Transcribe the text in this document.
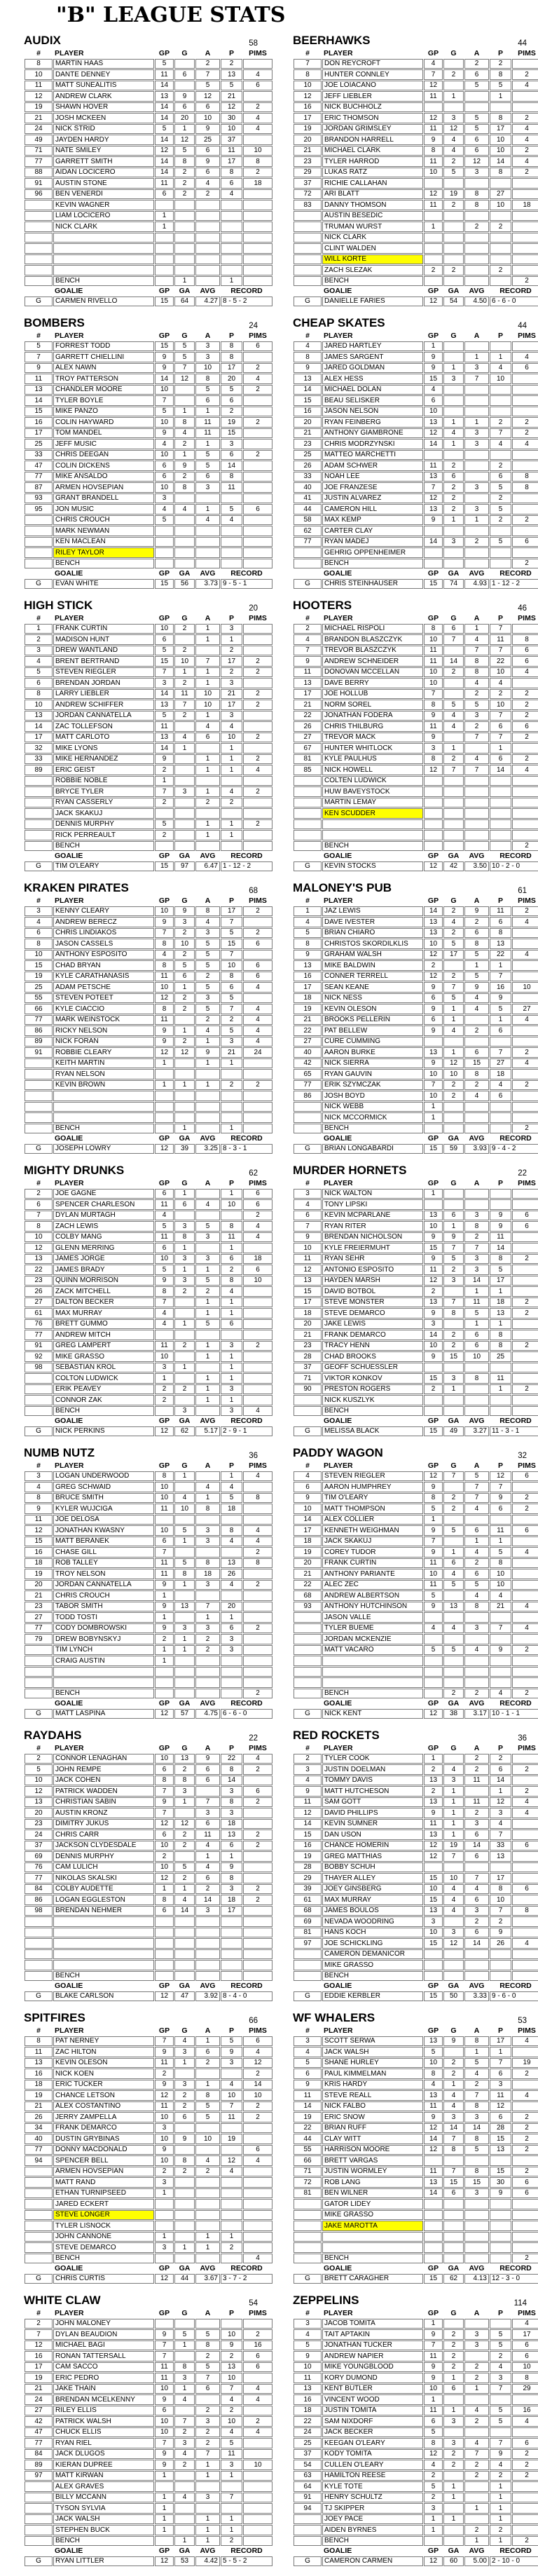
"B" LEAGUE STATS
AUDIX	58
#	PLAYER	GP	G	A	P	PIMS
8	MARTIN HAAS	5		2	2	
10	DANTE DENNEY	11	6	7	13	4
11	MATT SUNEALITIS	14		5	5	6
12	ANDREW CLARK	13	9	12	21	
19	SHAWN HOVER	14	6	6	12	2
21	JOSH MCKEEN	14	20	10	30	4
24	NICK STRID	5	1	9	10	4
49	JAYDEN HARDY	14	12	25	37	
71	NATE SMILEY	12	5	6	11	10
77	GARRETT SMITH	14	8	9	17	8
88	AIDAN LOCICERO	14	2	6	8	2
91	AUSTIN STONE	11	2	4	6	18
96	BEN VENERDI	6	2	2	4	
	KEVIN WAGNER					
	LIAM LOCICERO	1				
	NICK CLARK	1				

	BENCH		1		1	
	GOALIE	GP	GA	AVG	RECORD	
G	CARMEN RIVELLO	15	64	4.27	8 - 5 - 2	
BOMBERS	24
#	PLAYER	GP	G	A	P	PIMS
5	FORREST TODD	15	5	3	8	6
7	GARRETT CHIELLINI	9	5	3	8	
9	ALEX NAWN	9	7	10	17	2
11	TROY PATTERSON	14	12	8	20	4
13	CHANDLER MOORE	10		5	5	2
14	TYLER BOYLE	7		6	6	
15	MIKE PANZO	5	1	1	2	
16	COLIN HAYWARD	10	8	11	19	2
17	TOM MANDEL	9	4	11	15	
25	JEFF MUSIC	4	2	1	3	
33	CHRIS DEEGAN	10	1	5	6	2
47	COLIN DICKENS	6	9	5	14	
77	MIKE ANSALDO	6	2	6	8	
87	ARMEN HOVSEPIAN	10	8	3	11	
93	GRANT BRANDELL	3				
95	JON MUSIC	4	4	1	5	6
	CHRIS CROUCH	5		4	4	
	MARK NEWMAN					
	KEN MACLEAN					
	RILEY TAYLOR					
	BENCH					
	GOALIE	GP	GA	AVG	RECORD	
G	EVAN WHITE	15	56	3.73	9 - 5 - 1	
HIGH STICK	20
#	PLAYER	GP	G	A	P	PIMS
1	FRANK CURTIN	10	2	1	3	
2	MADISON HUNT	6		1	1	
3	DREW WANTLAND	5	2		2	
4	BRENT BERTRAND	15	10	7	17	2
5	STEVEN RIEGLER	7	1	1	2	2
6	BRENDAN JORDAN	3	2	1	3	
8	LARRY LIEBLER	14	11	10	21	2
10	ANDREW SCHIFFER	13	7	10	17	2
13	JORDAN CANNATELLA	5	2	1	3	
14	ZAC TOLLEFSON	11		4	4	
17	MATT CARLOTO	13	4	6	10	2
32	MIKE LYONS	14	1		1	
33	MIKE HERNANDEZ	9		1	1	2
89	ERIC GEIST	2		1	1	4
	ROBBIE NOBLE	1				
	BRYCE TYLER	7	3	1	4	2
	RYAN CASSERLY	2		2	2	
	JACK SKAKUJ					
	DENNIS MURPHY	5		1	1	2
	RICK PERREAULT	2		1	1	
	BENCH					
	GOALIE	GP	GA	AVG	RECORD	
G	TIM O'LEARY	15	97	6.47	1 - 12 - 2	
KRAKEN PIRATES	68
#	PLAYER	GP	G	A	P	PIMS
3	KENNY CLEARY	10	9	8	17	2
4	ANDREW BERECZ	9	3	4	7	
6	CHRIS LINDIAKOS	7	2	3	5	2
8	JASON CASSELS	8	10	5	15	6
10	ANTHONY ESPOSITO	4	2	5	7	
15	CHAD BRYAN	8	5	5	10	6
19	KYLE CARATHANASIS	11	6	2	8	6
25	ADAM PETSCHE	10	1	5	6	4
55	STEVEN POTEET	12	2	3	5	
66	KYLE CIACCIO	8	2	5	7	4
77	MARK WEINSTOCK	11		2	2	4
86	RICKY NELSON	9	1	4	5	4
89	NICK FORAN	9	2	1	3	4
91	ROBBIE CLEARY	12	12	9	21	24
	KEITH MARTIN	1		1	1	
	RYAN NELSON					
	KEVIN BROWN	1	1	1	2	2

	BENCH		1		1	
	GOALIE	GP	GA	AVG	RECORD	
G	JOSEPH LOWRY	12	39	3.25	8 - 3 - 1	
MIGHTY DRUNKS	62
#	PLAYER	GP	G	A	P	PIMS
2	JOE GAGNE	6	1		1	6
6	SPENCER CHARLESON	11	6	4	10	6
7	DYLAN MURTAGH	4				2
8	ZACH LEWIS	5	3	5	8	4
10	COLBY MANG	11	8	3	11	4
12	GLENN MERRING	6	1		1	
13	JAMES JORGE	10	3	3	6	18
22	JAMES BRADY	5	1	1	2	6
23	QUINN MORRISON	9	3	5	8	10
26	ZACK MITCHELL	8	2	2	4	
27	DALTON BECKER	7		1	1	
61	MAX MURRAY	4		1	1	
76	BRETT GUMMO	4	1	5	6	
77	ANDREW MITCH					
91	GREG LAMPERT	11	2	1	3	2
92	MIKE GRASSO	10		1	1	
98	SEBASTIAN KROL	3	1		1	
	COLTON LUDWICK	1		1	1	
	ERIK PEAVEY	2	2	1	3	
	CONNOR ZAK	2		1	1	
	BENCH		3		3	4
	GOALIE	GP	GA	AVG	RECORD	
G	NICK PERKINS	12	62	5.17	2 - 9 - 1	
NUMB NUTZ	36
#	PLAYER	GP	G	A	P	PIMS
3	LOGAN UNDERWOOD	8	1		1	4
4	GREG SCHWAID	10		4	4	
8	BRUCE SMITH	10	4	1	5	8
9	KYLER WUJCIGA	11	10	8	18	
11	JOE DELOSA					
12	JONATHAN KWASNY	10	5	3	8	4
15	MATT BERANEK	6	1	3	4	4
16	CHASE GILL	7				2
18	ROB TALLEY	11	5	8	13	8
19	TROY NELSON	11	8	18	26	
20	JORDAN CANNATELLA	9	1	3	4	2
21	CHRIS CROUCH	1				
23	TABOR SMITH	9	13	7	20	
27	TODD TOSTI	1		1	1	
77	CODY DOMBROWSKI	9	3	3	6	2
79	DREW BOBYNSKYJ	2	1	2	3	
	TIM LYNCH	1	1	2	3	
	CRAIG AUSTIN	1				

	BENCH					2
	GOALIE	GP	GA	AVG	RECORD	
G	MATT LASPINA	12	57	4.75	6 - 6 - 0	
RAYDAHS	22
#	PLAYER	GP	G	A	P	PIMS
2	CONNOR LENAGHAN	10	13	9	22	4
5	JOHN REMPE	6	2	6	8	2
10	JACK COHEN	8	8	6	14	
12	PATRICK WADDEN	7	3		3	6
13	CHRISTIAN SABIN	9	1	7	8	2
20	AUSTIN KRONZ	7		3	3	
23	DIMITRY JUKUS	12	12	6	18	
24	CHRIS CARR	6	2	11	13	2
37	JACKSON CLYDESDALE	10	2	4	6	2
69	DENNIS MURPHY	2		1	1	
76	CAM LULICH	10	5	4	9	
77	NIKOLAS SKALSKI	12	2	6	8	
84	COLBY AUDETTE	1	1	2	3	2
86	LOGAN EGGLESTON	8	4	14	18	2
98	BRENDAN NEHMER	6	14	3	17	

	BENCH					
	GOALIE	GP	GA	AVG	RECORD	
G	BLAKE CARLSON	12	47	3.92	8 - 4 - 0	
SPITFIRES	66
#	PLAYER	GP	G	A	P	PIMS
8	PAT NERNEY	7	4	1	5	6
11	ZAC HILTON	9	3	6	9	4
13	KEVIN OLESON	11	1	2	3	12
16	NICK KOEN	2				2
18	ERIC TUCKER	9	3	1	4	14
19	CHANCE LETSON	12	2	8	10	10
21	ALEX COSTANTINO	11	2	5	7	2
26	JERRY ZAMPELLA	10	6	5	11	2
34	FRANK DEMARCO	3				
40	DUSTIN GRYBINAS	10	9	10	19	
77	DONNY MACDONALD	9				6
94	SPENCER BELL	10	8	4	12	4
	ARMEN HOVSEPIAN	2	2	2	4	
	MATT RAND	3				
	ETHAN TURNIPSEED	1				
	JARED ECKERT					
	STEVE LONGER					
	TYLER LISNOCK					
	JOHN CANNONE	1		1	1	
	STEVE DEMARCO	3	1	1	2	
	BENCH					4
	GOALIE	GP	GA	AVG	RECORD	
G	CHRIS CURTIS	12	44	3.67	3 - 7 - 2	
WHITE CLAW	54
#	PLAYER	GP	G	A	P	PIMS
2	JOHN MALONEY					
7	DYLAN BEAUDION	9	5	5	10	2
12	MICHAEL BAGI	7	1	8	9	16
16	RONAN TATTERSALL	7		2	2	6
17	CAM SACCO	11	8	5	13	6
19	ERIC PEDRO	11	3	7	10	
21	JAKE THAIN	10	1	6	7	4
24	BRENDAN MCELKENNY	9	4		4	4
27	RILEY ELLIS	6		2	2	
42	PATRICK WALSH	10	7	3	10	2
47	CHUCK ELLIS	10	2	2	4	4
77	RYAN RIEL	7	3	2	5	
84	JACK DLUGOS	9	4	7	11	
89	KIERAN DUPREE	9	2	1	3	10
97	MATT KIRWAN	1		1	1	
	ALEX GRAVES					
	BILLY MCCANN	1	4	3	7	
	TYSON SYLVIA	1				
	JACK WALSH	1		1	1	
	STEPHEN BUCK	1		1	1	
	BENCH		1	1	2	
	GOALIE	GP	GA	AVG	RECORD	
G	RYAN LITTLER	12	53	4.42	5 - 5 - 2	
BEERHAWKS	44
#	PLAYER	GP	G	A	P	PIMS
7	DON REYCROFT	4		2	2	
8	HUNTER CONNLEY	7	2	6	8	2
10	JOE LOIACANO	12		5	5	4
12	JEFF LIEBLER	11	1		1	
16	NICK BUCHHOLZ					
17	ERIC THOMSON	12	3	5	8	2
19	JORDAN GRIMSLEY	11	12	5	17	4
20	BRANDON HARRELL	9	4	6	10	4
21	MICHAEL CLARK	8	4	6	10	2
23	TYLER HARROD	11	2	12	14	4
29	LUKAS RATZ	10	5	3	8	2
37	RICHIE CALLAHAN					
72	ARI BLATT	12	19	8	27	
83	DANNY THOMSON	11	2	8	10	18
	AUSTIN BESEDIC					
	TRUMAN WURST	1		2	2	
	NICK CLARK					
	CLINT WALDEN					
	WILL KORTE					
	ZACH SLEZAK	2	2		2	
	BENCH					2
	GOALIE	GP	GA	AVG	RECORD	
G	DANIELLE FARIES	12	54	4.50	6 - 6 - 0	
CHEAP SKATES	44
#	PLAYER	GP	G	A	P	PIMS
4	JARED HARTLEY	1				
8	JAMES SARGENT	9		1	1	4
9	JARED GOLDMAN	9	1	3	4	6
13	ALEX HESS	15	3	7	10	
14	MICHAEL DOLAN	4				
15	BEAU SELISKER	6				
16	JASON NELSON	10				
20	RYAN FEINBERG	13	1	1	2	2
21	ANTHONY GIAMBRONE	12	4	3	7	2
23	CHRIS MODRZYNSKI	14	1	3	4	4
25	MATTEO MARCHETTI					
26	ADAM SCHWER	11	2		2	
33	NOAH LEE	13	6		6	8
40	JOE FRANZESE	7	2	3	5	8
41	JUSTIN ALVAREZ	12	2		2	
44	CAMERON HILL	13	2	3	5	
58	MAX KEMP	9	1	1	2	2
62	CARTER CLAY					
77	RYAN MADEJ	14	3	2	5	6
	GEHRIG OPPENHEIMER					
	BENCH					2
	GOALIE	GP	GA	AVG	RECORD	
G	CHRIS STEINHAUSER	15	74	4.93	1 - 12 - 2	
HOOTERS	46
#	PLAYER	GP	G	A	P	PIMS
2	MICHAEL RISPOLI	8	6	1	7	
4	BRANDON BLASZCZYK	10	7	4	11	8
7	TREVOR BLASZCZYK	11		7	7	6
9	ANDREW SCHNEIDER	11	14	8	22	6
11	DONOVAN MCCELLAN	10	2	8	10	4
13	DAVE BERRY	10		4	4	
17	JOE HOLLUB	7		2	2	2
21	NORM SOREL	8	5	5	10	2
22	JONATHAN FODERA	9	4	3	7	2
26	CHRIS THILBURG	11	4	2	6	6
27	TREVOR MACK	9		7	7	2
67	HUNTER WHITLOCK	3	1		1	
81	KYLE PAULHUS	8	2	4	6	2
85	NICK HOWELL	12	7	7	14	4
	COLTEN LUDWICK					
	HUW BAVEYSTOCK					
	MARTIN LEMAY					
	KEN SCUDDER					

	BENCH					2
	GOALIE	GP	GA	AVG	RECORD	
G	KEVIN STOCKS	12	42	3.50	10 - 2 - 0	
MALONEY'S PUB	61
#	PLAYER	GP	G	A	P	PIMS
1	JAZ LEWIS	14	2	9	11	2
4	DAVE IVESTER	13	4	2	6	4
5	BRIAN CHIARO	13	2	6	8	
8	CHRISTOS SKORDILKLIS	10	5	8	13	
9	GRAHAM WALSH	12	17	5	22	4
13	MIKE BALDWIN	2		1	1	
16	CONNER TERRELL	12	2	5	7	
17	SEAN KEANE	9	7	9	16	10
18	NICK NESS	6	5	4	9	
19	KEVIN OLESON	9	1	4	5	27
21	BROOKS PELLERIN	6	1		1	4
22	PAT BELLEW	9	4	2	6	
27	CURE CUMMING					
40	AARON BURKE	13	1	6	7	2
42	NICK SIERRA	9	12	15	27	4
65	RYAN GAUVIN	10	10	8	18	
77	ERIK SZYMCZAK	7	2	2	4	2
86	JOSH BOYD	10	2	4	6	
	NICK WEBB	1				
	NICK MCCORMICK	1				
	BENCH					2
	GOALIE	GP	GA	AVG	RECORD	
G	BRIAN LONGABARDI	15	59	3.93	9 - 4 - 2	
MURDER HORNETS	22
#	PLAYER	GP	G	A	P	PIMS
3	NICK WALTON	1				
4	TONY LIPSKI					
6	KEVIN MCPARLANE	13	6	3	9	6
7	RYAN RITER	10	1	8	9	6
9	BRENDAN NICHOLSON	9	9	2	11	
10	KYLE FREIERMUHT	15	7	7	14	
11	RYAN SEHR	9	5	3	8	2
12	ANTONIO ESPOSITO	11	2	3	5	
13	HAYDEN MARSH	12	3	14	17	
15	DAVID BOTBOL	2		1	1	
17	STEVE MONSTER	13	7	11	18	2
18	STEVE DEMARCO	9	8	5	13	2
20	JAKE LEWIS	3		1	1	
21	FRANK DEMARCO	14	2	6	8	
23	TRACY HENN	10	2	6	8	2
28	CHAD BROOKS	9	15	10	25	
37	GEOFF SCHUESSLER					
71	VIKTOR KONKOV	15	3	8	11	
90	PRESTON ROGERS	2	1		1	2
	NICK KUSZLYK					
	BENCH					
	GOALIE	GP	GA	AVG	RECORD	
G	MELISSA BLACK	15	49	3.27	11 - 3 - 1	
PADDY WAGON	32
#	PLAYER	GP	G	A	P	PIMS
4	STEVEN RIEGLER	12	7	5	12	6
6	AARON HUMPHREY	9		7	7	
9	TIM O'LEARY	8	2	7	9	2
10	MATT THOMPSON	5	2	4	6	2
14	ALEX COLLIER	1				
17	KENNETH WEIGHMAN	9	5	6	11	6
18	JACK SKAKUJ	7		1	1	
19	COREY TUDOR	9	1	4	5	4
20	FRANK CURTIN	11	6	2	8	
21	ANTHONY PARIANTE	10	4	6	10	
22	ALEC ZEC	11	5	5	10	
68	ANDREW ALBERTSON	5		4	4	
93	ANTHONY HUTCHINSON	9	13	8	21	4
	JASON VALLE					
	TYLER BUEME	4	4	3	7	4
	JORDAN MCKENZIE					
	MATT VACARO	5	5	4	9	2

	BENCH		2	2	4	2
	GOALIE	GP	GA	AVG	RECORD	
G	NICK KENT	12	38	3.17	10 - 1 - 1	
RED ROCKETS	36
#	PLAYER	GP	G	A	P	PIMS
2	TYLER COOK	1		2	2	
3	JUSTIN DOELMAN	2	4	2	6	2
4	TOMMY DAVIS	13	3	11	14	
9	MATT HUTCHESON	2	1		1	2
11	SAM GOTT	13	1	11	12	4
12	DAVID PHILLIPS	9	1	2	3	4
14	KEVIN SUMNER	11	1	3	4	
15	DAN USON	13	1	6	7	
16	CHANCE HOMERIN	12	19	14	33	6
19	GREG MATTHIAS	12	7	6	13	
28	BOBBY SCHUH					
29	THAYER ALLEY	15	10	7	17	
39	JOEY GINSBERG	10	4	4	8	6
61	MAX MURRAY	15	4	6	10	
68	JAMES BOULOS	13	4	3	7	8
69	NEVADA WOODRING	3		2	2	
81	HANS KOCH	10	3	6	9	
97	JOE SCHICKLING	15	12	14	26	4
	CAMERON DEMANICOR					
	MIKE GRASSO					
	BENCH					
	GOALIE	GP	GA	AVG	RECORD	
G	EDDIE KERBLER	15	50	3.33	9 - 6 - 0	
WF WHALERS	53
#	PLAYER	GP	G	A	P	PIMS
3	SCOTT SERWA	13	9	8	17	4
4	JACK WALSH	5		1	1	
5	SHANE HURLEY	10	2	5	7	19
6	PAUL KIMMELMAN	8	2	4	6	2
9	KRIS HARDY	4	1	2	3	
11	STEVE REALL	13	4	7	11	4
14	NICK FALBO	11	4	8	12	
19	ERIC SNOW	9	3	3	6	2
22	BRIAN RUFF	12	14	14	28	2
44	CLAY WITT	14	7	8	15	2
55	HARRISON MOORE	12	8	5	13	2
66	BRETT VARGAS					
71	JUSTIN WORMLEY	11	7	8	15	2
72	ROB LANG	13	15	15	30	6
81	BEN WILNER	14	6	3	9	6
	GATOR LIDEY					
	MIKE GRASSO					
	JAKE MAROTTA					

	BENCH					2
	GOALIE	GP	GA	AVG	RECORD	
G	BRETT CARAGHER	15	62	4.13	12 - 3 - 0	
ZEPPELINS	114
#	PLAYER	GP	G	A	P	PIMS
3	JACOB TOMITA	1				4
4	TAIT APTAKIN	9	2	3	5	17
5	JONATHAN TUCKER	7	2	3	5	6
9	ANDREW NAPIER	11	2		2	6
10	MIKE YOUNGBLOOD	9	2	2	4	10
11	KORY DUMOND	9	1	2	3	8
13	KENT BUTLER	10	6	1	7	29
16	VINCENT WOOD	1				
18	JUSTIN TOMITA	11	1	4	5	16
22	SAM NIXDORF	6	3	2	5	4
24	JACK BECKER	5				
25	KEEGAN O'LEARY	8	3	4	7	6
37	KODY TOMITA	12	2	7	9	2
54	CULLEN O'LEARY	4	2	2	4	2
63	HAMILTON REESE	2		2	2	2
64	KYLE TOTE	5	1		1	
91	HENRY SCHULTZ	2	1		1	
94	TJ SKIPPER	3		1	1	
	JOEY PACE	1	1		1	
	AIDEN BYRNES	1		2	2	
	BENCH			1	1	2
	GOALIE	GP	GA	AVG	RECORD	
G	CAMERON CARMEN	12	60	5.00	2 - 10 - 0	
